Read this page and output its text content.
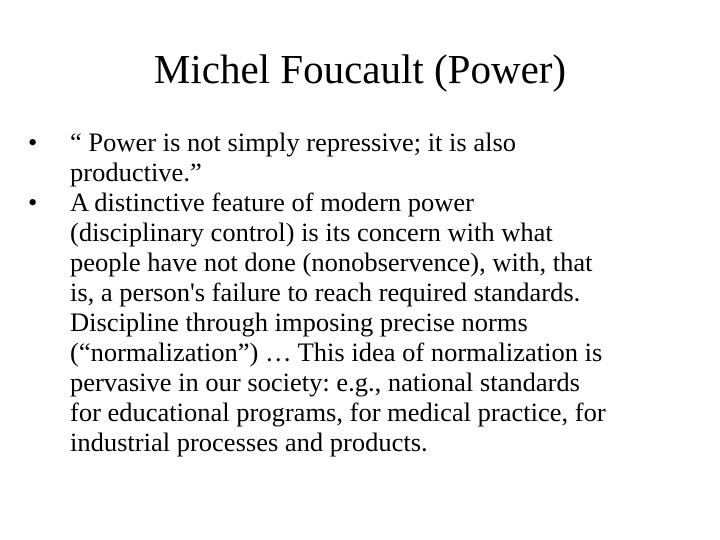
Michel Foucault (Power)
•	“ Power is not simply repressive; it is also
productive.”
•	A distinctive feature of modern power
(disciplinary control) is its concern with what
people have not done (nonobservence), with, that
is, a person's failure to reach required standards.
Discipline through imposing precise norms
(“normalization”) … This idea of normalization is
pervasive in our society: e.g., national standards
for educational programs, for medical practice, for
industrial processes and products.
